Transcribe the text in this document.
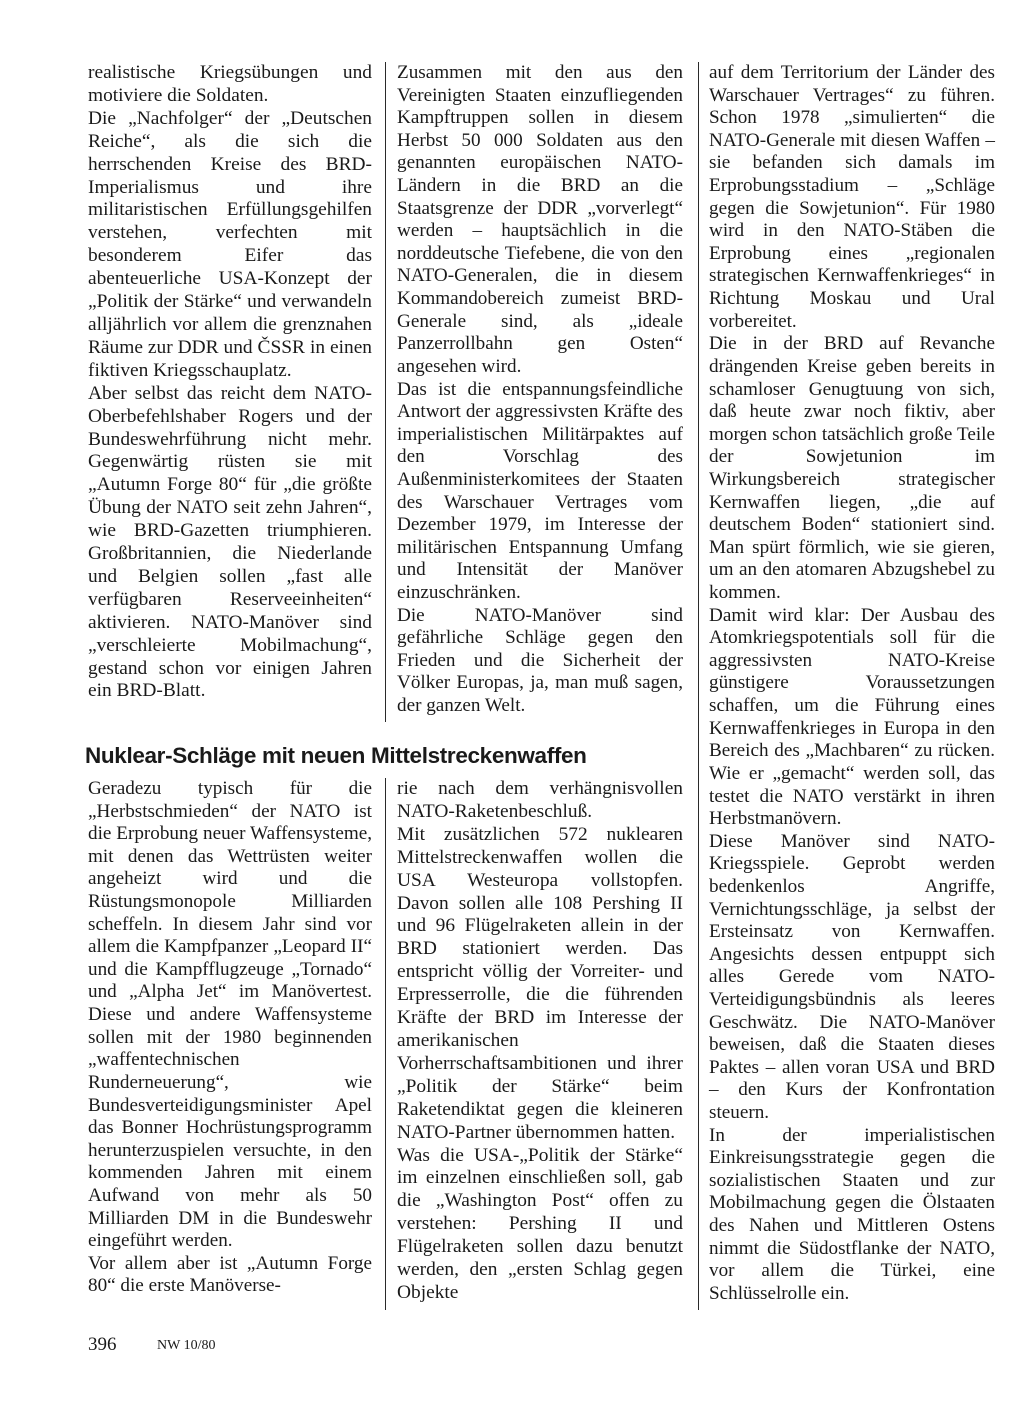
realistische Kriegsübungen und motiviere die Soldaten.

Die „Nachfolger“ der „Deutschen Reiche“, als die sich die herrschenden Kreise des BRD-Imperialismus und ihre militaristischen Erfüllungsgehilfen verstehen, verfechten mit besonderem Eifer das abenteuerliche USA-Konzept der „Politik der Stärke“ und verwandeln alljährlich vor allem die grenznahen Räume zur DDR und ČSSR in einen fiktiven Kriegsschauplatz.

Aber selbst das reicht dem NATO-Oberbefehlshaber Rogers und der Bundeswehrführung nicht mehr. Gegenwärtig rüsten sie mit „Autumn Forge 80“ für „die größte Übung der NATO seit zehn Jahren“, wie BRD-Gazetten triumphieren. Großbritannien, die Niederlande und Belgien sollen „fast alle verfügbaren Reserveeinheiten“ aktivieren. NATO-Manöver sind „verschleierte Mobilmachung“, gestand schon vor einigen Jahren ein BRD-Blatt.

Zusammen mit den aus den Vereinigten Staaten einzufliegenden Kampftruppen sollen in diesem Herbst 50 000 Soldaten aus den genannten europäischen NATO-Ländern in die BRD an die Staatsgrenze der DDR „vorverlegt“ werden – hauptsächlich in die norddeutsche Tiefebene, die von den NATO-Generalen, die in diesem Kommandobereich zumeist BRD-Generale sind, als „ideale Panzerrollbahn gen Osten“ angesehen wird.

Das ist die entspannungsfeindliche Antwort der aggressivsten Kräfte des imperialistischen Militärpaktes auf den Vorschlag des Außenministerkomitees der Staaten des Warschauer Vertrages vom Dezember 1979, im Interesse der militärischen Entspannung Umfang und Intensität der Manöver einzuschränken.

Die NATO-Manöver sind gefährliche Schläge gegen den Frieden und die Sicherheit der Völker Europas, ja, man muß sagen, der ganzen Welt.

auf dem Territorium der Länder des Warschauer Vertrages“ zu führen. Schon 1978 „simulierten“ die NATO-Generale mit diesen Waffen – sie befanden sich damals im Erprobungsstadium – „Schläge gegen die Sowjetunion“. Für 1980 wird in den NATO-Stäben die Erprobung eines „regionalen strategischen Kernwaffenkrieges“ in Richtung Moskau und Ural vorbereitet.

Die in der BRD auf Revanche drängenden Kreise geben bereits in schamloser Genugtuung von sich, daß heute zwar noch fiktiv, aber morgen schon tatsächlich große Teile der Sowjetunion im Wirkungsbereich strategischer Kernwaffen liegen, „die auf deutschem Boden“ stationiert sind. Man spürt förmlich, wie sie gieren, um an den atomaren Abzugshebel zu kommen.

Damit wird klar: Der Ausbau des Atomkriegspotentials soll für die aggressivsten NATO-Kreise günstigere Voraussetzungen schaffen, um die Führung eines Kernwaffenkrieges in Europa in den Bereich des „Machbaren“ zu rücken. Wie er „gemacht“ werden soll, das testet die NATO verstärkt in ihren Herbstmanövern.

Diese Manöver sind NATO-Kriegsspiele. Geprobt werden bedenkenlos Angriffe, Vernichtungsschläge, ja selbst der Ersteinsatz von Kernwaffen. Angesichts dessen entpuppt sich alles Gerede vom NATO-Verteidigungsbündnis als leeres Geschwätz. Die NATO-Manöver beweisen, daß die Staaten dieses Paktes – allen voran USA und BRD – den Kurs der Konfrontation steuern.

In der imperialistischen Einkreisungsstrategie gegen die sozialistischen Staaten und zur Mobilmachung gegen die Ölstaaten des Nahen und Mittleren Ostens nimmt die Südostflanke der NATO, vor allem die Türkei, eine Schlüsselrolle ein.

Nuklear-Schläge mit neuen Mittelstreckenwaffen

Geradezu typisch für die „Herbstschmieden“ der NATO ist die Erprobung neuer Waffensysteme, mit denen das Wettrüsten weiter angeheizt wird und die Rüstungsmonopole Milliarden scheffeln. In diesem Jahr sind vor allem die Kampfpanzer „Leopard II“ und die Kampfflugzeuge „Tornado“ und „Alpha Jet“ im Manövertest. Diese und andere Waffensysteme sollen mit der 1980 beginnenden „waffentechnischen Runderneuerung“, wie Bundesverteidigungsminister Apel das Bonner Hochrüstungsprogramm herunterzuspielen versuchte, in den kommenden Jahren mit einem Aufwand von mehr als 50 Milliarden DM in die Bundeswehr eingeführt werden.

Vor allem aber ist „Autumn Forge 80“ die erste Manöverse-

rie nach dem verhängnisvollen NATO-Raketenbeschluß.

Mit zusätzlichen 572 nuklearen Mittelstreckenwaffen wollen die USA Westeuropa vollstopfen. Davon sollen alle 108 Pershing II und 96 Flügelraketen allein in der BRD stationiert werden. Das entspricht völlig der Vorreiter- und Erpresserrolle, die die führenden Kräfte der BRD im Interesse der amerikanischen Vorherrschaftsambitionen und ihrer „Politik der Stärke“ beim Raketendiktat gegen die kleineren NATO-Partner übernommen hatten.

Was die USA-„Politik der Stärke“ im einzelnen einschließen soll, gab die „Washington Post“ offen zu verstehen: Pershing II und Flügelraketen sollen dazu benutzt werden, den „ersten Schlag gegen Objekte

396	NW 10/80
